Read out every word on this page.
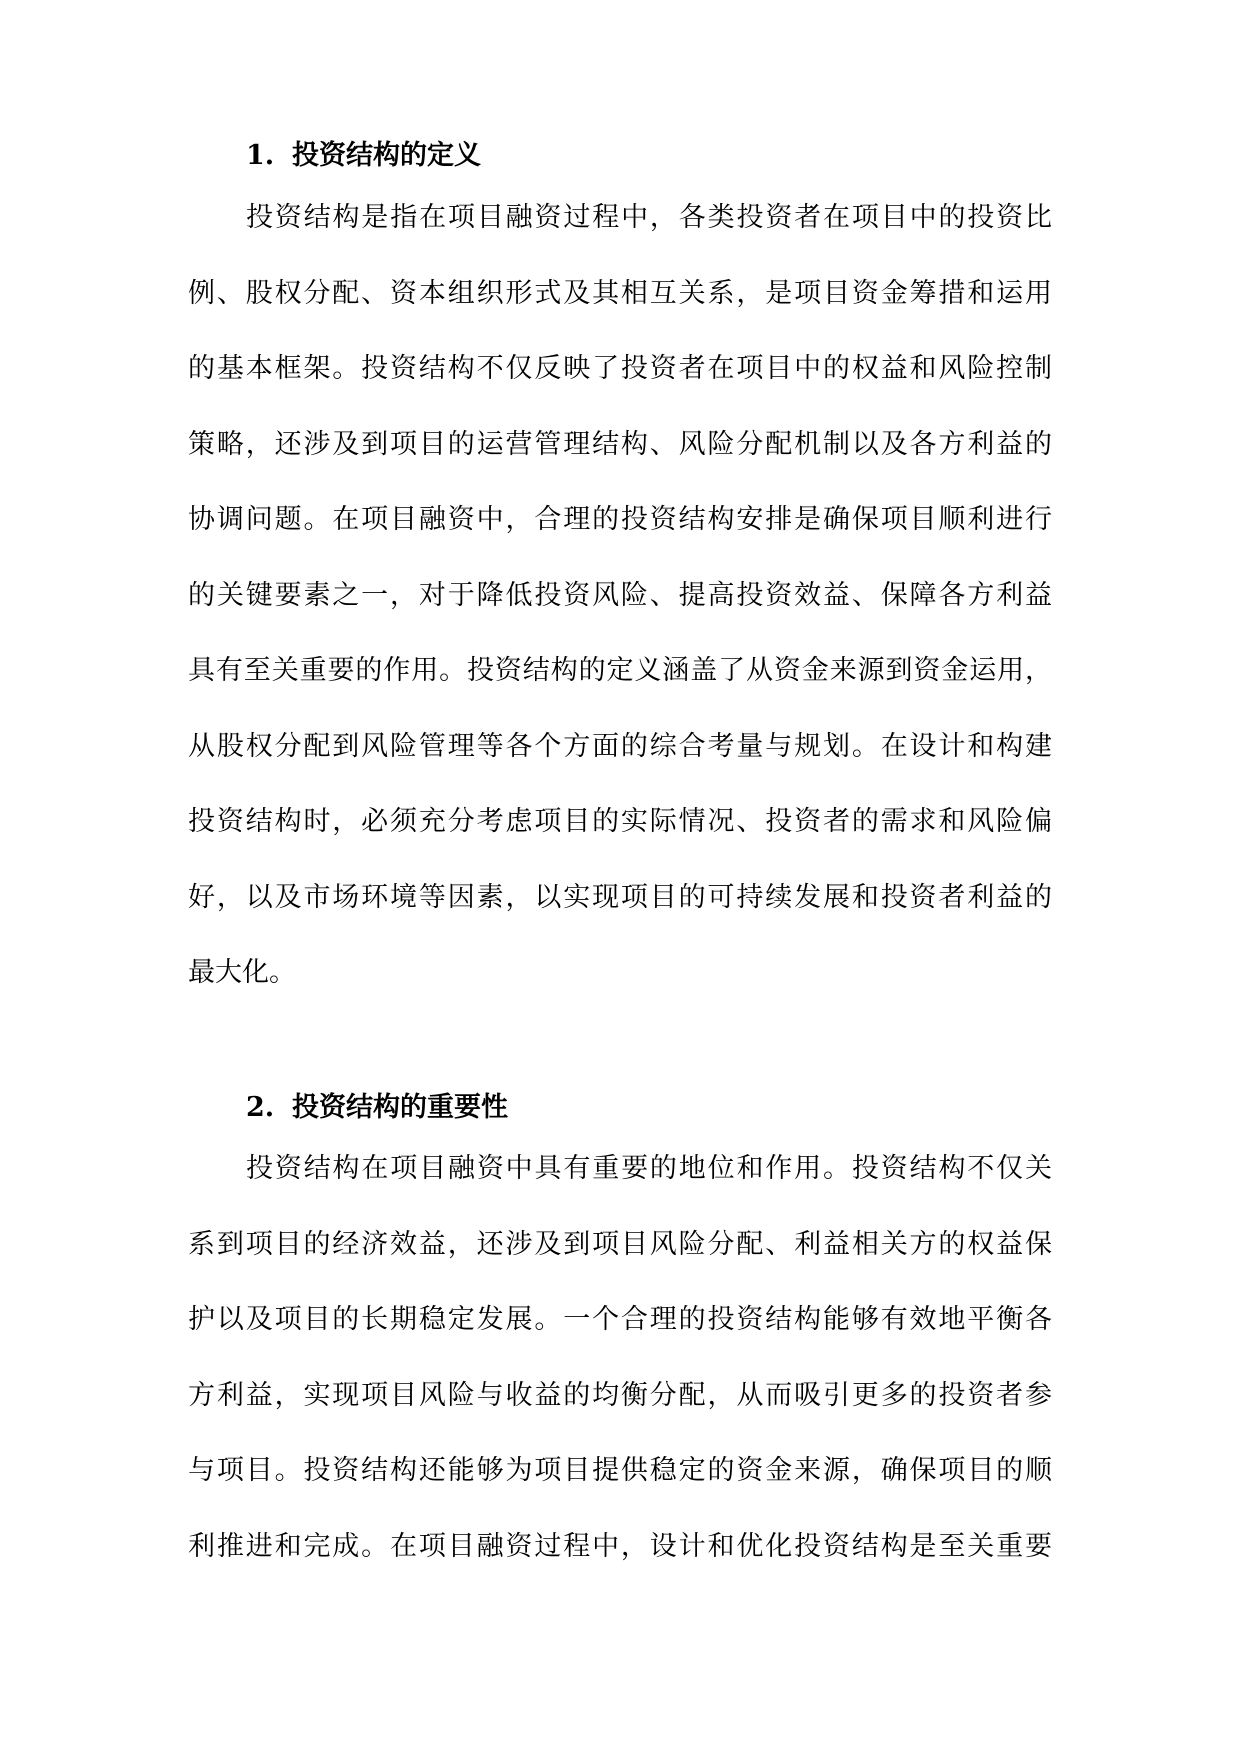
1. 投资结构的定义
投资结构是指在项目融资过程中，各类投资者在项目中的投资比
例、股权分配、资本组织形式及其相互关系，是项目资金筹措和运用
的基本框架。投资结构不仅反映了投资者在项目中的权益和风险控制
策略，还涉及到项目的运营管理结构、风险分配机制以及各方利益的
协调问题。在项目融资中，合理的投资结构安排是确保项目顺利进行
的关键要素之一，对于降低投资风险、提高投资效益、保障各方利益
具有至关重要的作用。投资结构的定义涵盖了从资金来源到资金运用，
从股权分配到风险管理等各个方面的综合考量与规划。在设计和构建
投资结构时，必须充分考虑项目的实际情况、投资者的需求和风险偏
好，以及市场环境等因素，以实现项目的可持续发展和投资者利益的
最大化。
2. 投资结构的重要性
投资结构在项目融资中具有重要的地位和作用。投资结构不仅关
系到项目的经济效益，还涉及到项目风险分配、利益相关方的权益保
护以及项目的长期稳定发展。一个合理的投资结构能够有效地平衡各
方利益，实现项目风险与收益的均衡分配，从而吸引更多的投资者参
与项目。投资结构还能够为项目提供稳定的资金来源，确保项目的顺
利推进和完成。在项目融资过程中，设计和优化投资结构是至关重要
